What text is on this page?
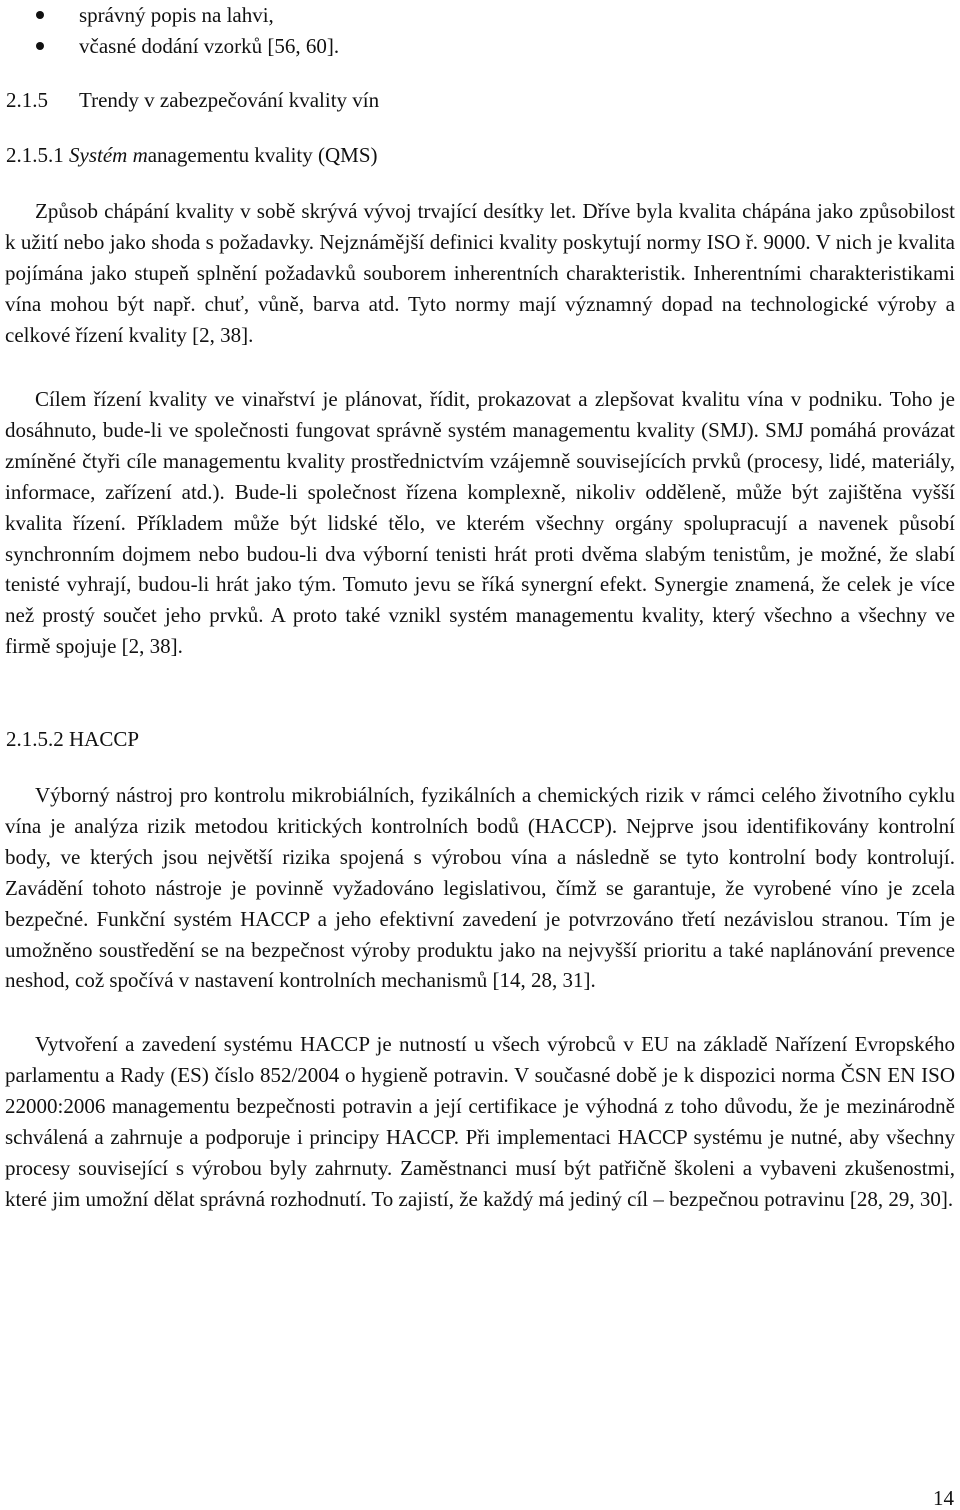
správný popis na lahvi,
včasné dodání vzorků [56, 60].
2.1.5 Trendy v zabezpečování kvality vín
2.1.5.1 Systém managementu kvality (QMS)

Způsob chápání kvality v sobě skrývá vývoj trvající desítky let. Dříve byla kvalita chápána jako způsobilost k užití nebo jako shoda s požadavky. Nejznámější definici kvality poskytují normy ISO ř. 9000. V nich je kvalita pojímána jako stupeň splnění požadavků souborem inherentních charakteristik. Inherentními charakteristikami vína mohou být např. chuť, vůně, barva atd. Tyto normy mají významný dopad na technologické výroby a celkové řízení kvality [2, 38].

Cílem řízení kvality ve vinařství je plánovat, řídit, prokazovat a zlepšovat kvalitu vína v podniku. Toho je dosáhnuto, bude-li ve společnosti fungovat správně systém managementu kvality (SMJ). SMJ pomáhá provázat zmíněné čtyři cíle managementu kvality prostřednictvím vzájemně souvisejících prvků (procesy, lidé, materiály, informace, zařízení atd.). Bude-li společnost řízena komplexně, nikoliv odděleně, může být zajištěna vyšší kvalita řízení. Příkladem může být lidské tělo, ve kterém všechny orgány spolupracují a navenek působí synchronním dojmem nebo budou-li dva výborní tenisti hrát proti dvěma slabým tenistům, je možné, že slabí tenisté vyhrají, budou-li hrát jako tým. Tomuto jevu se říká synergní efekt. Synergie znamená, že celek je více než prostý součet jeho prvků. A proto také vznikl systém managementu kvality, který všechno a všechny ve firmě spojuje [2, 38].

2.1.5.2 HACCP

Výborný nástroj pro kontrolu mikrobiálních, fyzikálních a chemických rizik v rámci celého životního cyklu vína je analýza rizik metodou kritických kontrolních bodů (HACCP). Nejprve jsou identifikovány kontrolní body, ve kterých jsou největší rizika spojená s výrobou vína a následně se tyto kontrolní body kontrolují. Zavádění tohoto nástroje je povinně vyžadováno legislativou, čímž se garantuje, že vyrobené víno je zcela bezpečné. Funkční systém HACCP a jeho efektivní zavedení je potvrzováno třetí nezávislou stranou. Tím je umožněno soustředění se na bezpečnost výroby produktu jako na nejvyšší prioritu a také naplánování prevence neshod, což spočívá v nastavení kontrolních mechanismů [14, 28, 31].

Vytvoření a zavedení systému HACCP je nutností u všech výrobců v EU na základě Nařízení Evropského parlamentu a Rady (ES) číslo 852/2004 o hygieně potravin. V současné době je k dispozici norma ČSN EN ISO 22000:2006 managementu bezpečnosti potravin a její certifikace je výhodná z toho důvodu, že je mezinárodně schválená a zahrnuje a podporuje i principy HACCP. Při implementaci HACCP systému je nutné, aby všechny procesy související s výrobou byly zahrnuty. Zaměstnanci musí být patřičně školeni a vybaveni zkušenostmi, které jim umožní dělat správná rozhodnutí. To zajistí, že každý má jediný cíl – bezpečnou potravinu [28, 29, 30].

14
